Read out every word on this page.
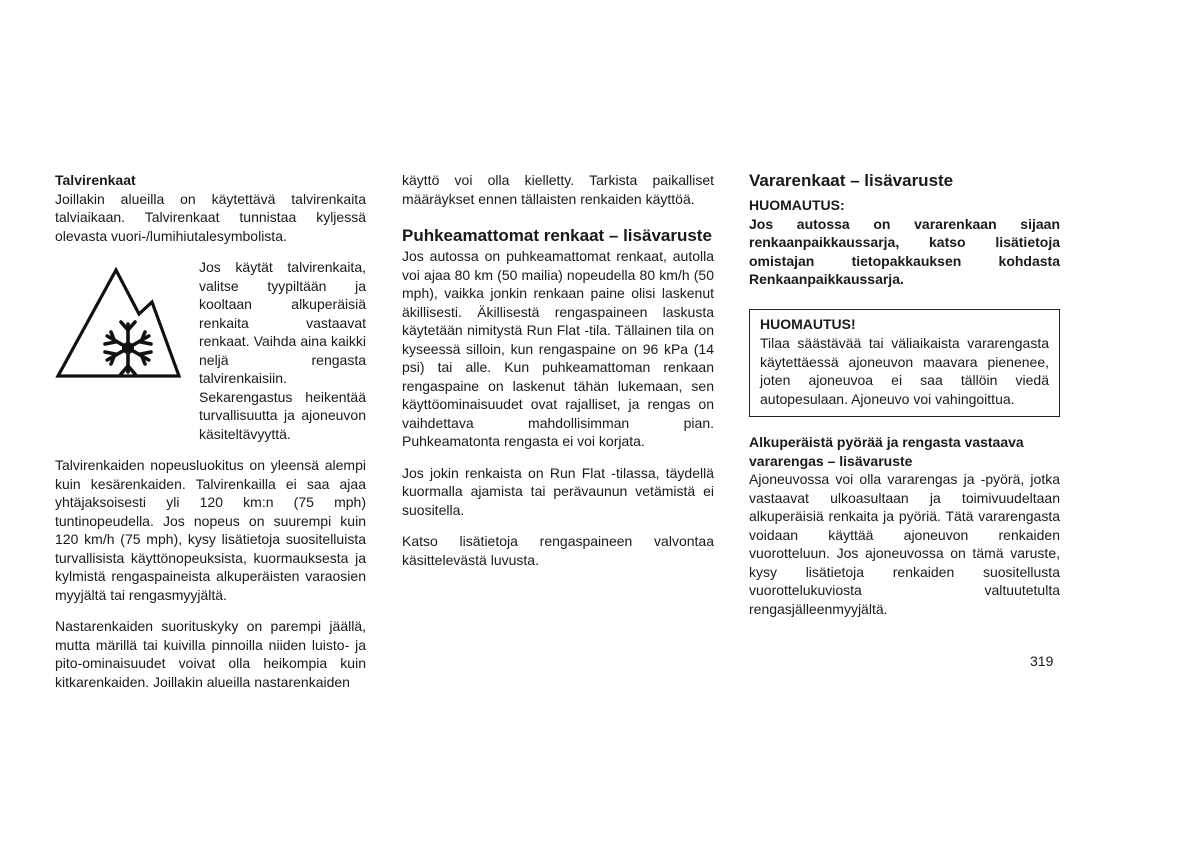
Talvirenkaat

Joillakin alueilla on käytettävä talvirenkaita talviaikaan. Talvirenkaat tunnistaa kyljessä olevasta vuori-/lumihiutalesymbolista.

Jos käytät talvirenkaita, valitse tyypiltään ja kooltaan alkuperäisiä renkaita vastaavat renkaat. Vaihda aina kaikki neljä rengasta talvirenkaisiin. Sekarengastus heikentää turvallisuutta ja ajoneuvon käsiteltävyyttä.

Talvirenkaiden nopeusluokitus on yleensä alempi kuin kesärenkaiden. Talvirenkailla ei saa ajaa yhtäjaksoisesti yli 120 km:n (75 mph) tuntinopeudella. Jos nopeus on suurempi kuin 120 km/h (75 mph), kysy lisätietoja suositelluista turvallisista käyttönopeuksista, kuormauksesta ja kylmistä rengaspaineista alkuperäisten varaosien myyjältä tai rengasmyyjältä.

Nastarenkaiden suorituskyky on parempi jäällä, mutta märillä tai kuivilla pinnoilla niiden luisto- ja pito-ominaisuudet voivat olla heikompia kuin kitkarenkaiden. Joillakin alueilla nastarenkaiden

käyttö voi olla kielletty. Tarkista paikalliset määräykset ennen tällaisten renkaiden käyttöä.

Puhkeamattomat renkaat – lisävaruste

Jos autossa on puhkeamattomat renkaat, autolla voi ajaa 80 km (50 mailia) nopeudella 80 km/h (50 mph), vaikka jonkin renkaan paine olisi laskenut äkillisesti. Äkillisestä rengaspaineen laskusta käytetään nimitystä Run Flat -tila. Tällainen tila on kyseessä silloin, kun rengaspaine on 96 kPa (14 psi) tai alle. Kun puhkeamattoman renkaan rengaspaine on laskenut tähän lukemaan, sen käyttöominaisuudet ovat rajalliset, ja rengas on vaihdettava mahdollisimman pian. Puhkeamatonta rengasta ei voi korjata.

Jos jokin renkaista on Run Flat -tilassa, täydellä kuormalla ajamista tai perävaunun vetämistä ei suositella.

Katso lisätietoja rengaspaineen valvontaa käsittelevästä luvusta.

Vararenkaat – lisävaruste
HUOMAUTUS:
Jos autossa on vararenkaan sijaan renkaanpaikkaussarja, katso lisätietoja omistajan tietopakkauksen kohdasta Renkaanpaikkaussarja.
HUOMAUTUS!
Tilaa säästävää tai väliaikaista vararengasta käytettäessä ajoneuvon maavara pienenee, joten ajoneuvoa ei saa tällöin viedä autopesulaan. Ajoneuvo voi vahingoittua.
Alkuperäistä pyörää ja rengasta vastaava vararengas – lisävaruste

Ajoneuvossa voi olla vararengas ja -pyörä, jotka vastaavat ulkoasultaan ja toimivuudeltaan alkuperäisiä renkaita ja pyöriä. Tätä vararengasta voidaan käyttää ajoneuvon renkaiden vuorotteluun. Jos ajoneuvossa on tämä varuste, kysy lisätietoja renkaiden suositellusta vuorottelukuviosta valtuutetulta rengasjälleenmyyjältä.

319
